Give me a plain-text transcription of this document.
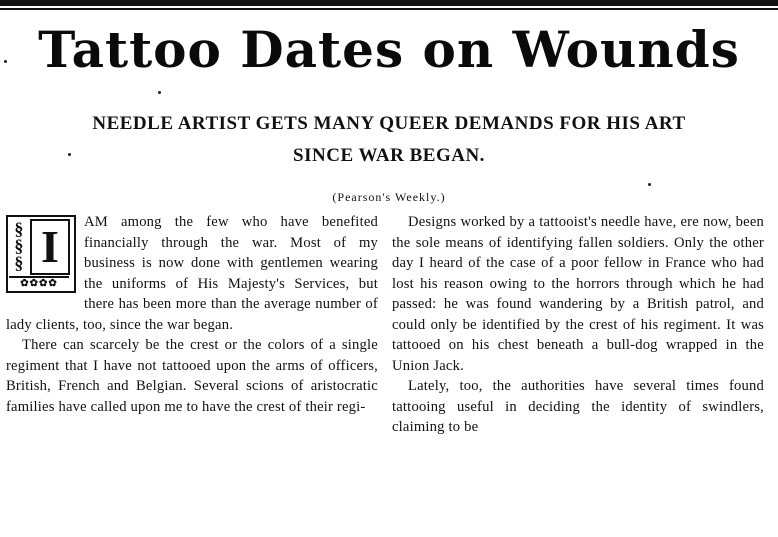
Tattoo Dates on Wounds
NEEDLE ARTIST GETS MANY QUEER DEMANDS FOR HIS ART
SINCE WAR BEGAN.
(Pearson's Weekly.)
§
§
§ I
✿✿✿✿

AM among the few who have benefited financially through the war. Most of my business is now done with gentlemen wearing the uniforms of His Majesty's Services, but there has been more than the average number of lady clients, too, since the war began.

There can scarcely be the crest or the colors of a single regiment that I have not tattooed upon the arms of officers, British, French and Belgian. Several scions of aristocratic families have called upon me to have the crest of their regi-

Designs worked by a tattooist's needle have, ere now, been the sole means of identifying fallen soldiers. Only the other day I heard of the case of a poor fellow in France who had lost his reason owing to the horrors through which he had passed: he was found wandering by a British patrol, and could only be identified by the crest of his regiment. It was tattooed on his chest beneath a bull-dog wrapped in the Union Jack.

Lately, too, the authorities have several times found tattooing useful in deciding the identity of swindlers, claiming to be
